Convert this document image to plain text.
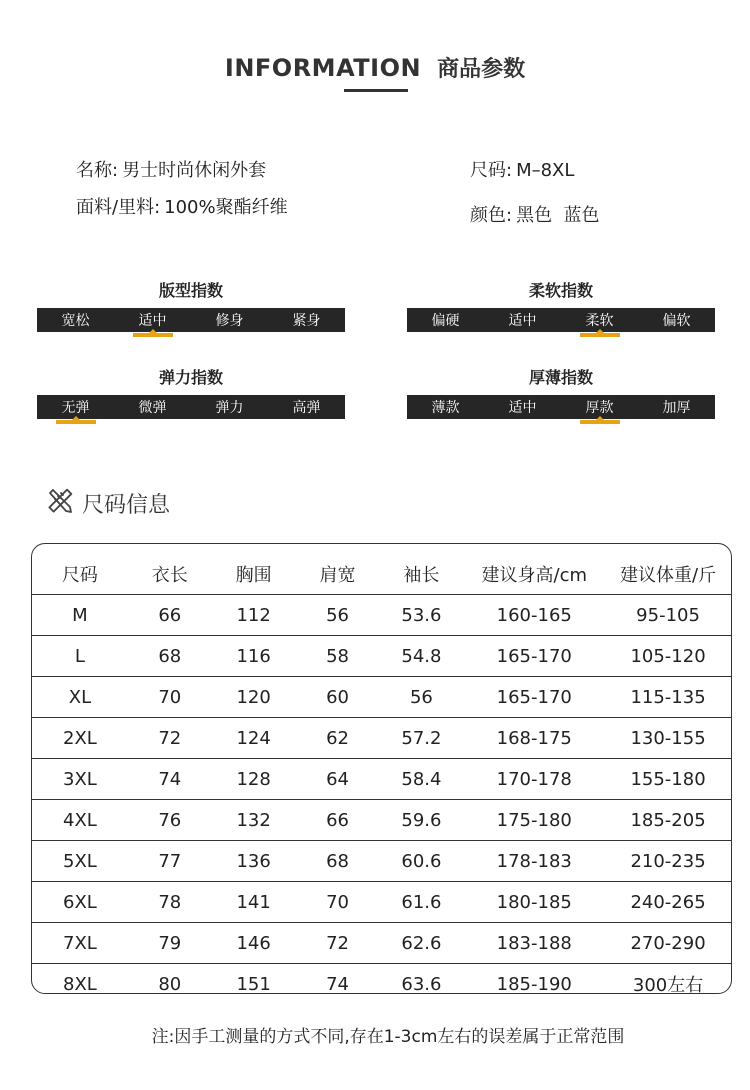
INFORMATION 商品参数
名称: 男士时尚休闲外套
面料/里料: 100%聚酯纤维
尺码: M–8XL
颜色: 黑色  蓝色
版型指数
宽松	适中	修身	紧身
柔软指数
偏硬	适中	柔软	偏软
弹力指数
无弹	微弹	弹力	高弹
厚薄指数
薄款	适中	厚款	加厚
尺码信息
尺码	衣长	胸围	肩宽	袖长	建议身高/cm	建议体重/斤
M	66	112	56	53.6	160-165	95-105
L	68	116	58	54.8	165-170	105-120
XL	70	120	60	56	165-170	115-135
2XL	72	124	62	57.2	168-175	130-155
3XL	74	128	64	58.4	170-178	155-180
4XL	76	132	66	59.6	175-180	185-205
5XL	77	136	68	60.6	178-183	210-235
6XL	78	141	70	61.6	180-185	240-265
7XL	79	146	72	62.6	183-188	270-290
8XL	80	151	74	63.6	185-190	300左右
注:因手工测量的方式不同,存在1-3cm左右的误差属于正常范围
